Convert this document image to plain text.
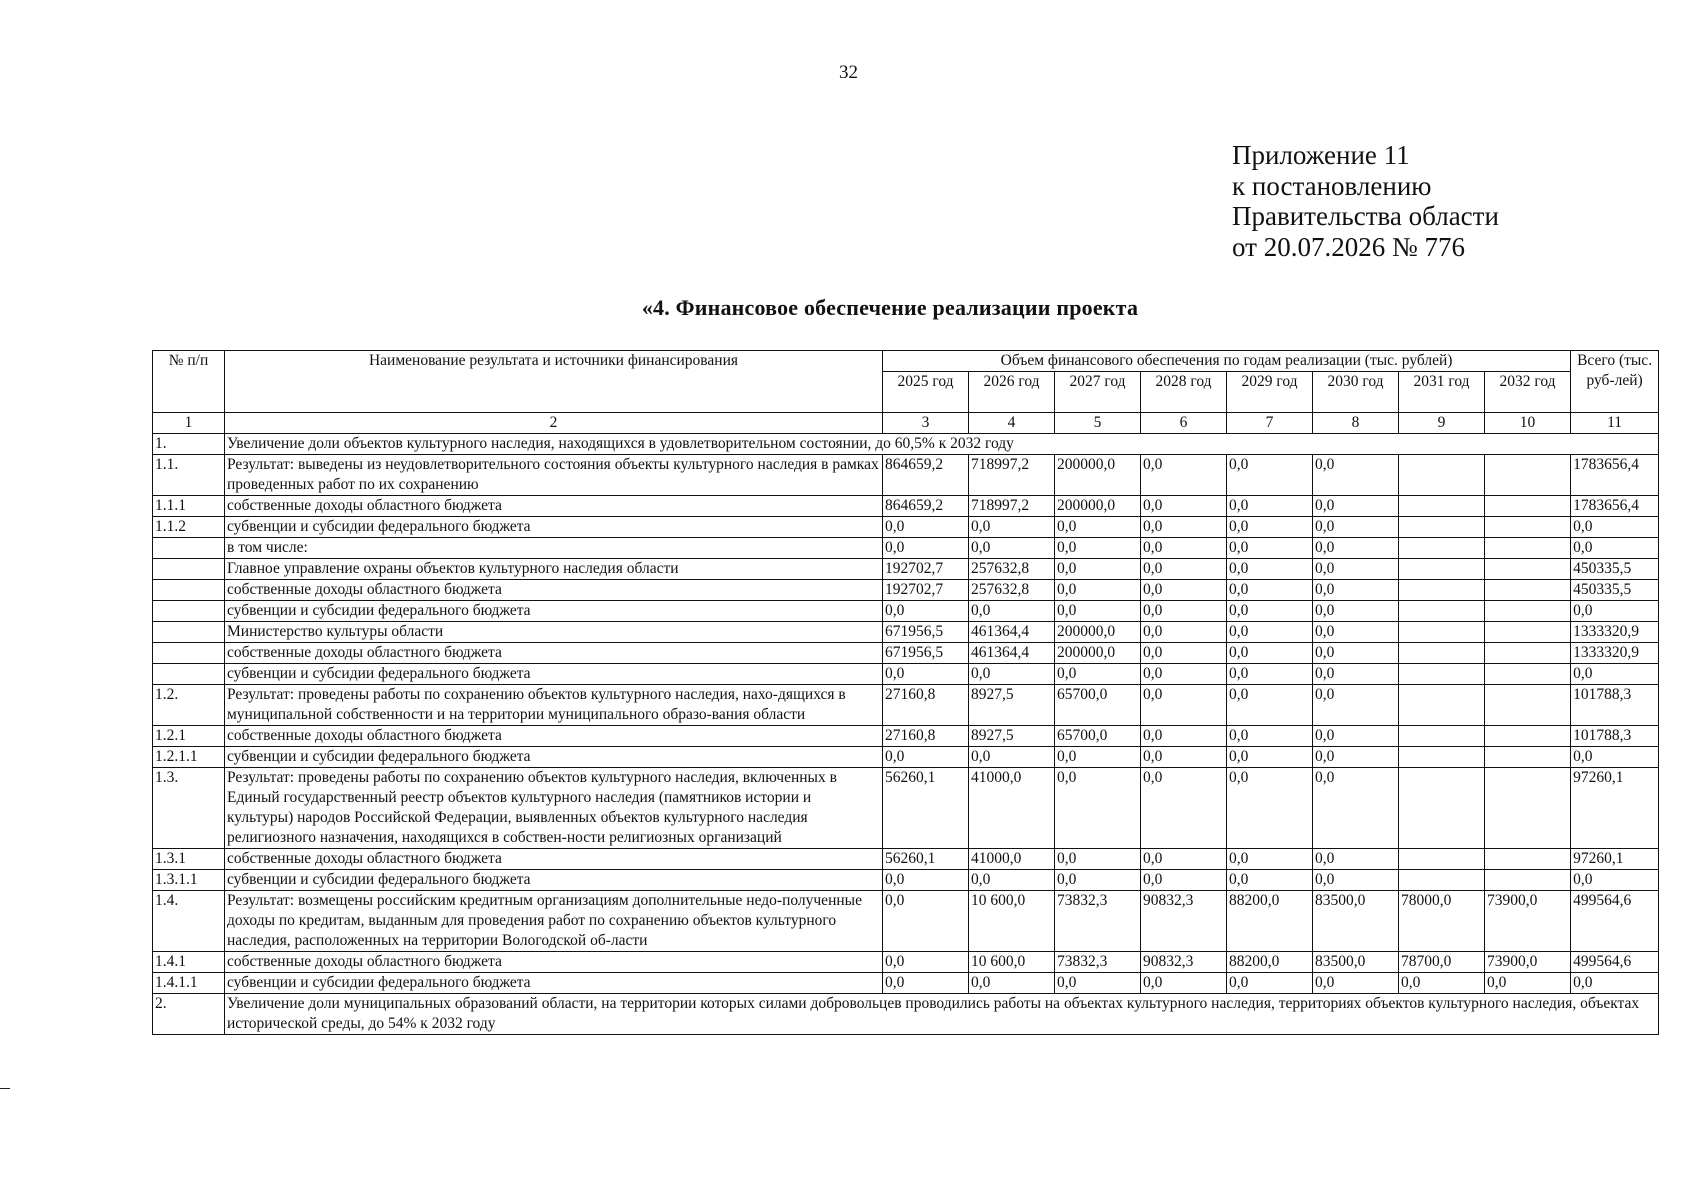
32
Приложение 11
к постановлению
Правительства области
от 20.07.2026 № 776
«4. Финансовое обеспечение реализации проекта
№ п/п	Наименование результата и источники финансирования	Объем финансового обеспечения по годам реализации (тыс. рублей)								Всего (тыс. руб-лей)
		2025 год	2026 год	2027 год	2028 год	2029 год	2030 год	2031 год	2032 год	
1	2	3	4	5	6	7	8	9	10	11
1.	Увеличение доли объектов культурного наследия, находящихся в удовлетворительном состоянии, до 60,5% к 2032 году									
1.1.	Результат: выведены из неудовлетворительного состояния объекты культурного наследия в рамках проведенных работ по их сохранению	864659,2	718997,2	200000,0	0,0	0,0	0,0			1783656,4
1.1.1	собственные доходы областного бюджета	864659,2	718997,2	200000,0	0,0	0,0	0,0			1783656,4
1.1.2	субвенции и субсидии федерального бюджета	0,0	0,0	0,0	0,0	0,0	0,0			0,0
	в том числе:	0,0	0,0	0,0	0,0	0,0	0,0			0,0
	Главное управление охраны объектов культурного наследия области	192702,7	257632,8	0,0	0,0	0,0	0,0			450335,5
	собственные доходы областного бюджета	192702,7	257632,8	0,0	0,0	0,0	0,0			450335,5
	субвенции и субсидии федерального бюджета	0,0	0,0	0,0	0,0	0,0	0,0			0,0
	Министерство культуры области	671956,5	461364,4	200000,0	0,0	0,0	0,0			1333320,9
	собственные доходы областного бюджета	671956,5	461364,4	200000,0	0,0	0,0	0,0			1333320,9
	субвенции и субсидии федерального бюджета	0,0	0,0	0,0	0,0	0,0	0,0			0,0
1.2.	Результат: проведены работы по сохранению объектов культурного наследия, нахо-дящихся в муниципальной собственности и на территории муниципального образо-вания области	27160,8	8927,5	65700,0	0,0	0,0	0,0			101788,3
1.2.1	собственные доходы областного бюджета	27160,8	8927,5	65700,0	0,0	0,0	0,0			101788,3
1.2.1.1	субвенции и субсидии федерального бюджета	0,0	0,0	0,0	0,0	0,0	0,0			0,0
1.3.	Результат: проведены работы по сохранению объектов культурного наследия, включенных в Единый государственный реестр объектов культурного наследия (памятников истории и культуры) народов Российской Федерации, выявленных объектов культурного наследия религиозного назначения, находящихся в собствен-ности религиозных организаций	56260,1	41000,0	0,0	0,0	0,0	0,0			97260,1
1.3.1	собственные доходы областного бюджета	56260,1	41000,0	0,0	0,0	0,0	0,0			97260,1
1.3.1.1	субвенции и субсидии федерального бюджета	0,0	0,0	0,0	0,0	0,0	0,0			0,0
1.4.	Результат: возмещены российским кредитным организациям дополнительные недо-полученные доходы по кредитам, выданным для проведения работ по сохранению объектов культурного наследия, расположенных на территории Вологодской об-ласти	0,0	10 600,0	73832,3	90832,3	88200,0	83500,0	78000,0	73900,0	499564,6
1.4.1	собственные доходы областного бюджета	0,0	10 600,0	73832,3	90832,3	88200,0	83500,0	78700,0	73900,0	499564,6
1.4.1.1	субвенции и субсидии федерального бюджета	0,0	0,0	0,0	0,0	0,0	0,0	0,0	0,0	0,0
2.	Увеличение доли муниципальных образований области, на территории которых силами добровольцев проводились работы на объектах культурного наследия, территориях объектов культурного наследия, объектах исторической среды, до 54% к 2032 году									
